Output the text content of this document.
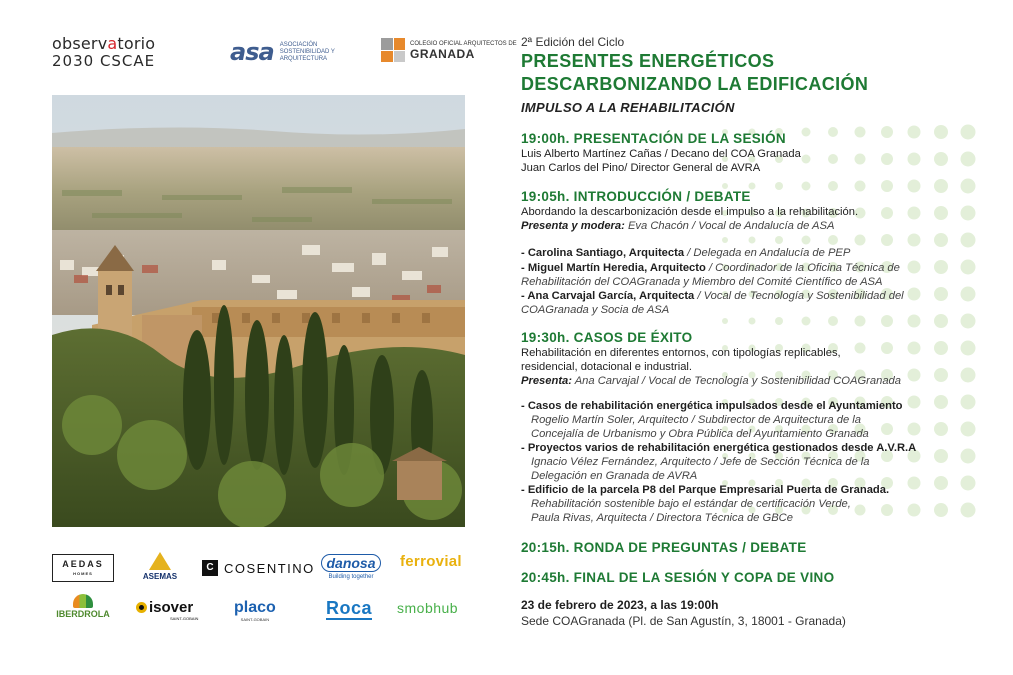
observatorio
2030 CSCAE	asa ASOCIACIÓN SOSTENIBILIDAD Y ARQUITECTURA
COLEGIO OFICIAL ARQUITECTOS DE
GRANADA
AEDAS
HOMES	ASEMAS
C COSENTINO danosa
Building together
ferrovial
IBERDROLA	isover
SAINT-GOBAIN
placo
SAINT-GOBAIN
Roca smobhub
2ª Edición del Ciclo
PRESENTES ENERGÉTICOS
DESCARBONIZANDO LA EDIFICACIÓN
IMPULSO A LA REHABILITACIÓN
19:00h. PRESENTACIÓN DE LA SESIÓN
Luis Alberto Martínez Cañas / Decano del COA Granada
Juan Carlos del Pino/ Director General de AVRA
19:05h. INTRODUCCIÓN / DEBATE
Abordando la descarbonización desde el impulso a la rehabilitación.
Presenta y modera: Eva Chacón / Vocal de Andalucía de ASA
- Carolina Santiago, Arquitecta / Delegada en Andalucía de PEP
- Miguel Martín Heredia, Arquitecto / Coordinador de la Oficina Técnica de
Rehabilitación del COAGranada y Miembro del Comité Científico de ASA
- Ana Carvajal García, Arquitecta / Vocal de Tecnología y Sostenibilidad del
COAGranada y Socia de ASA
19:30h. CASOS DE ÉXITO
Rehabilitación en diferentes entornos, con tipologías replicables,
residencial, dotacional e industrial.
Presenta: Ana Carvajal / Vocal de Tecnología y Sostenibilidad COAGranada
- Casos de rehabilitación energética impulsados desde el Ayuntamiento
Rogelio Martín Soler, Arquitecto / Subdirector de Arquitectura de la
Concejalía de Urbanismo y Obra Pública del Ayuntamiento Granada
- Proyectos varios de rehabilitación energética gestionados desde A.V.R.A
Ignacio Vélez Fernández, Arquitecto / Jefe de Sección Técnica de la
Delegación en Granada de AVRA
- Edificio de la parcela P8 del Parque Empresarial Puerta de Granada.
Rehabilitación sostenible bajo el estándar de certificación Verde,
Paula Rivas, Arquitecta / Directora Técnica de GBCe
20:15h. RONDA DE PREGUNTAS / DEBATE
20:45h. FINAL DE LA SESIÓN Y COPA DE VINO
23 de febrero de 2023, a las 19:00h
Sede COAGranada (Pl. de San Agustín, 3, 18001 - Granada)
